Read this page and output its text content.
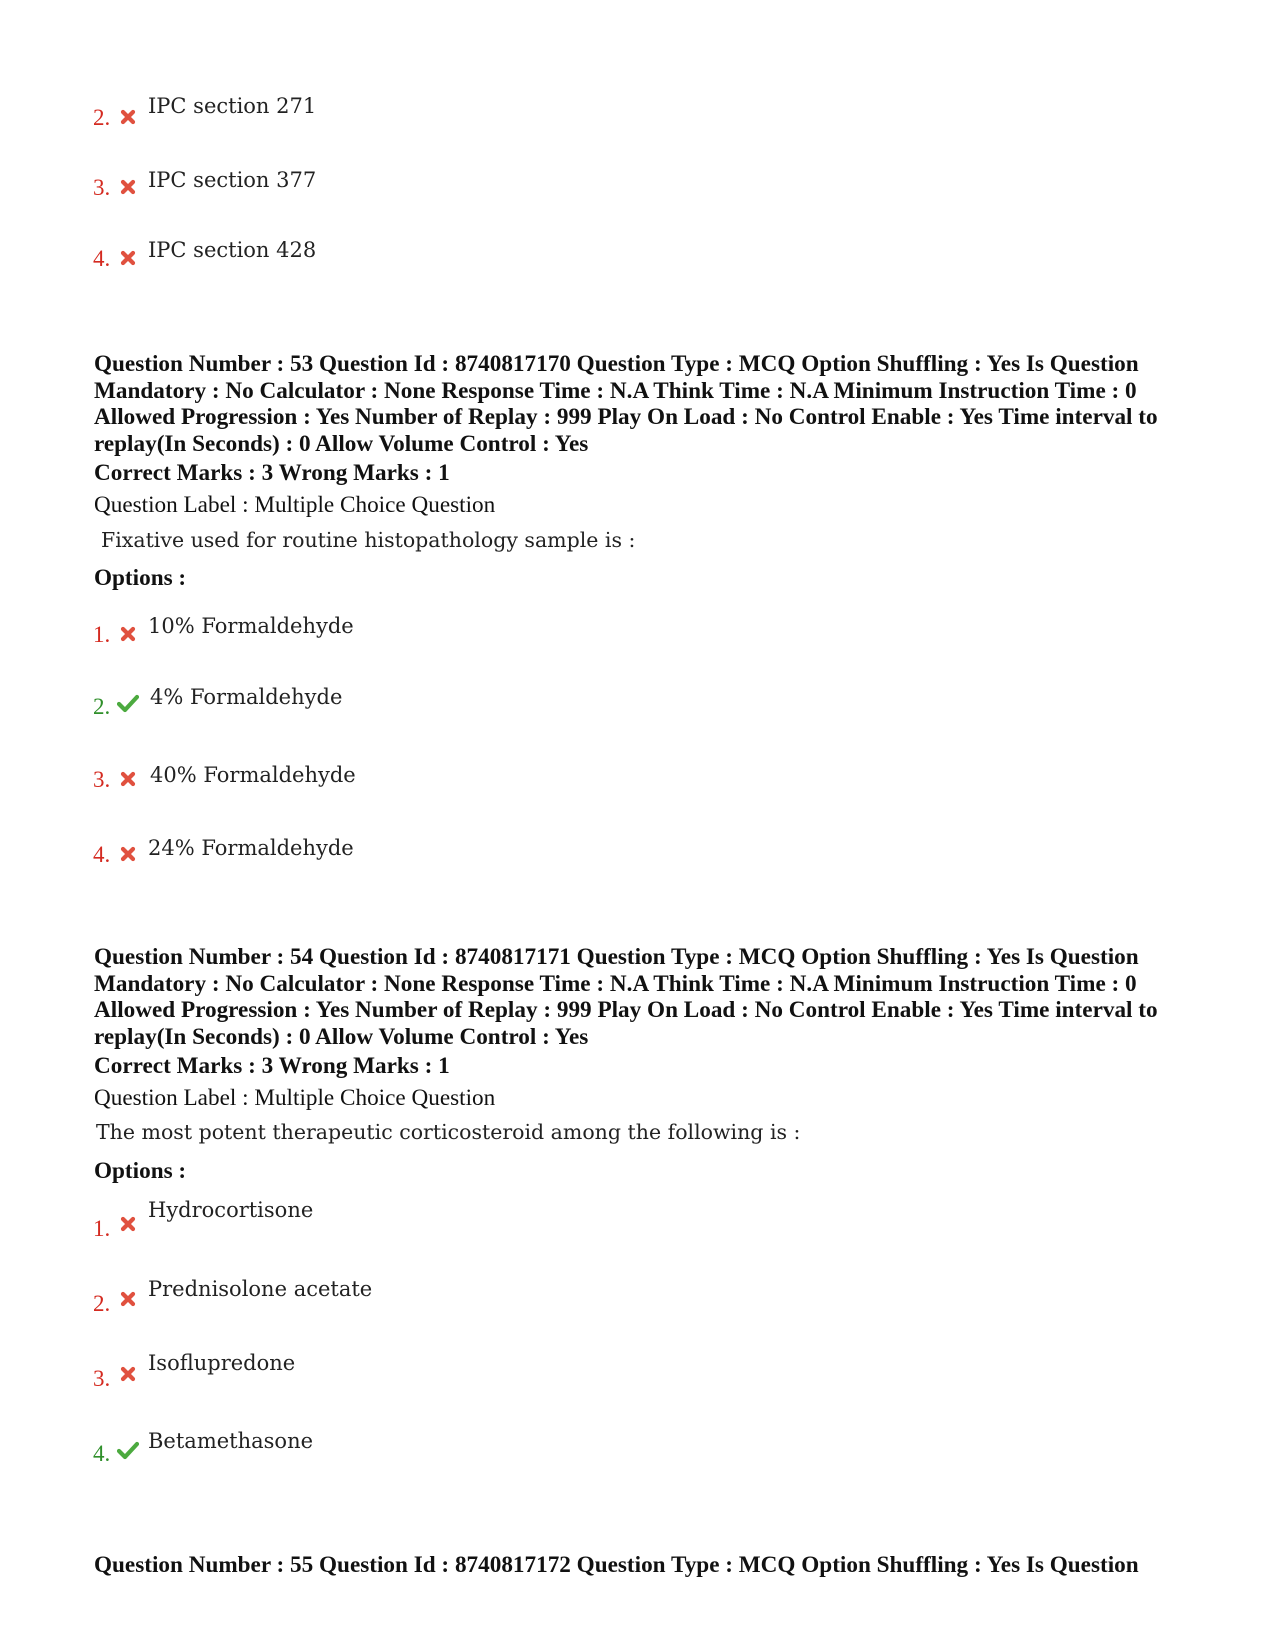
2. IPC section 271
3. IPC section 377
4. IPC section 428
Question Number : 53 Question Id : 8740817170 Question Type : MCQ Option Shuffling : Yes Is Question Mandatory : No Calculator : None Response Time : N.A Think Time : N.A Minimum Instruction Time : 0 Allowed Progression : Yes Number of Replay : 999 Play On Load : No Control Enable : Yes Time interval to replay(In Seconds) : 0 Allow Volume Control : Yes
Correct Marks : 3 Wrong Marks : 1
Question Label : Multiple Choice Question
Fixative used for routine histopathology sample is :
Options :
1. 10% Formaldehyde
2. 4% Formaldehyde
3. 40% Formaldehyde
4. 24% Formaldehyde
Question Number : 54 Question Id : 8740817171 Question Type : MCQ Option Shuffling : Yes Is Question Mandatory : No Calculator : None Response Time : N.A Think Time : N.A Minimum Instruction Time : 0 Allowed Progression : Yes Number of Replay : 999 Play On Load : No Control Enable : Yes Time interval to replay(In Seconds) : 0 Allow Volume Control : Yes
Correct Marks : 3 Wrong Marks : 1
Question Label : Multiple Choice Question
The most potent therapeutic corticosteroid among the following is :
Options :
1.
Hydrocortisone
2.
Prednisolone acetate
3.
Isoflupredone
4. Betamethasone
Question Number : 55 Question Id : 8740817172 Question Type : MCQ Option Shuffling : Yes Is Question
